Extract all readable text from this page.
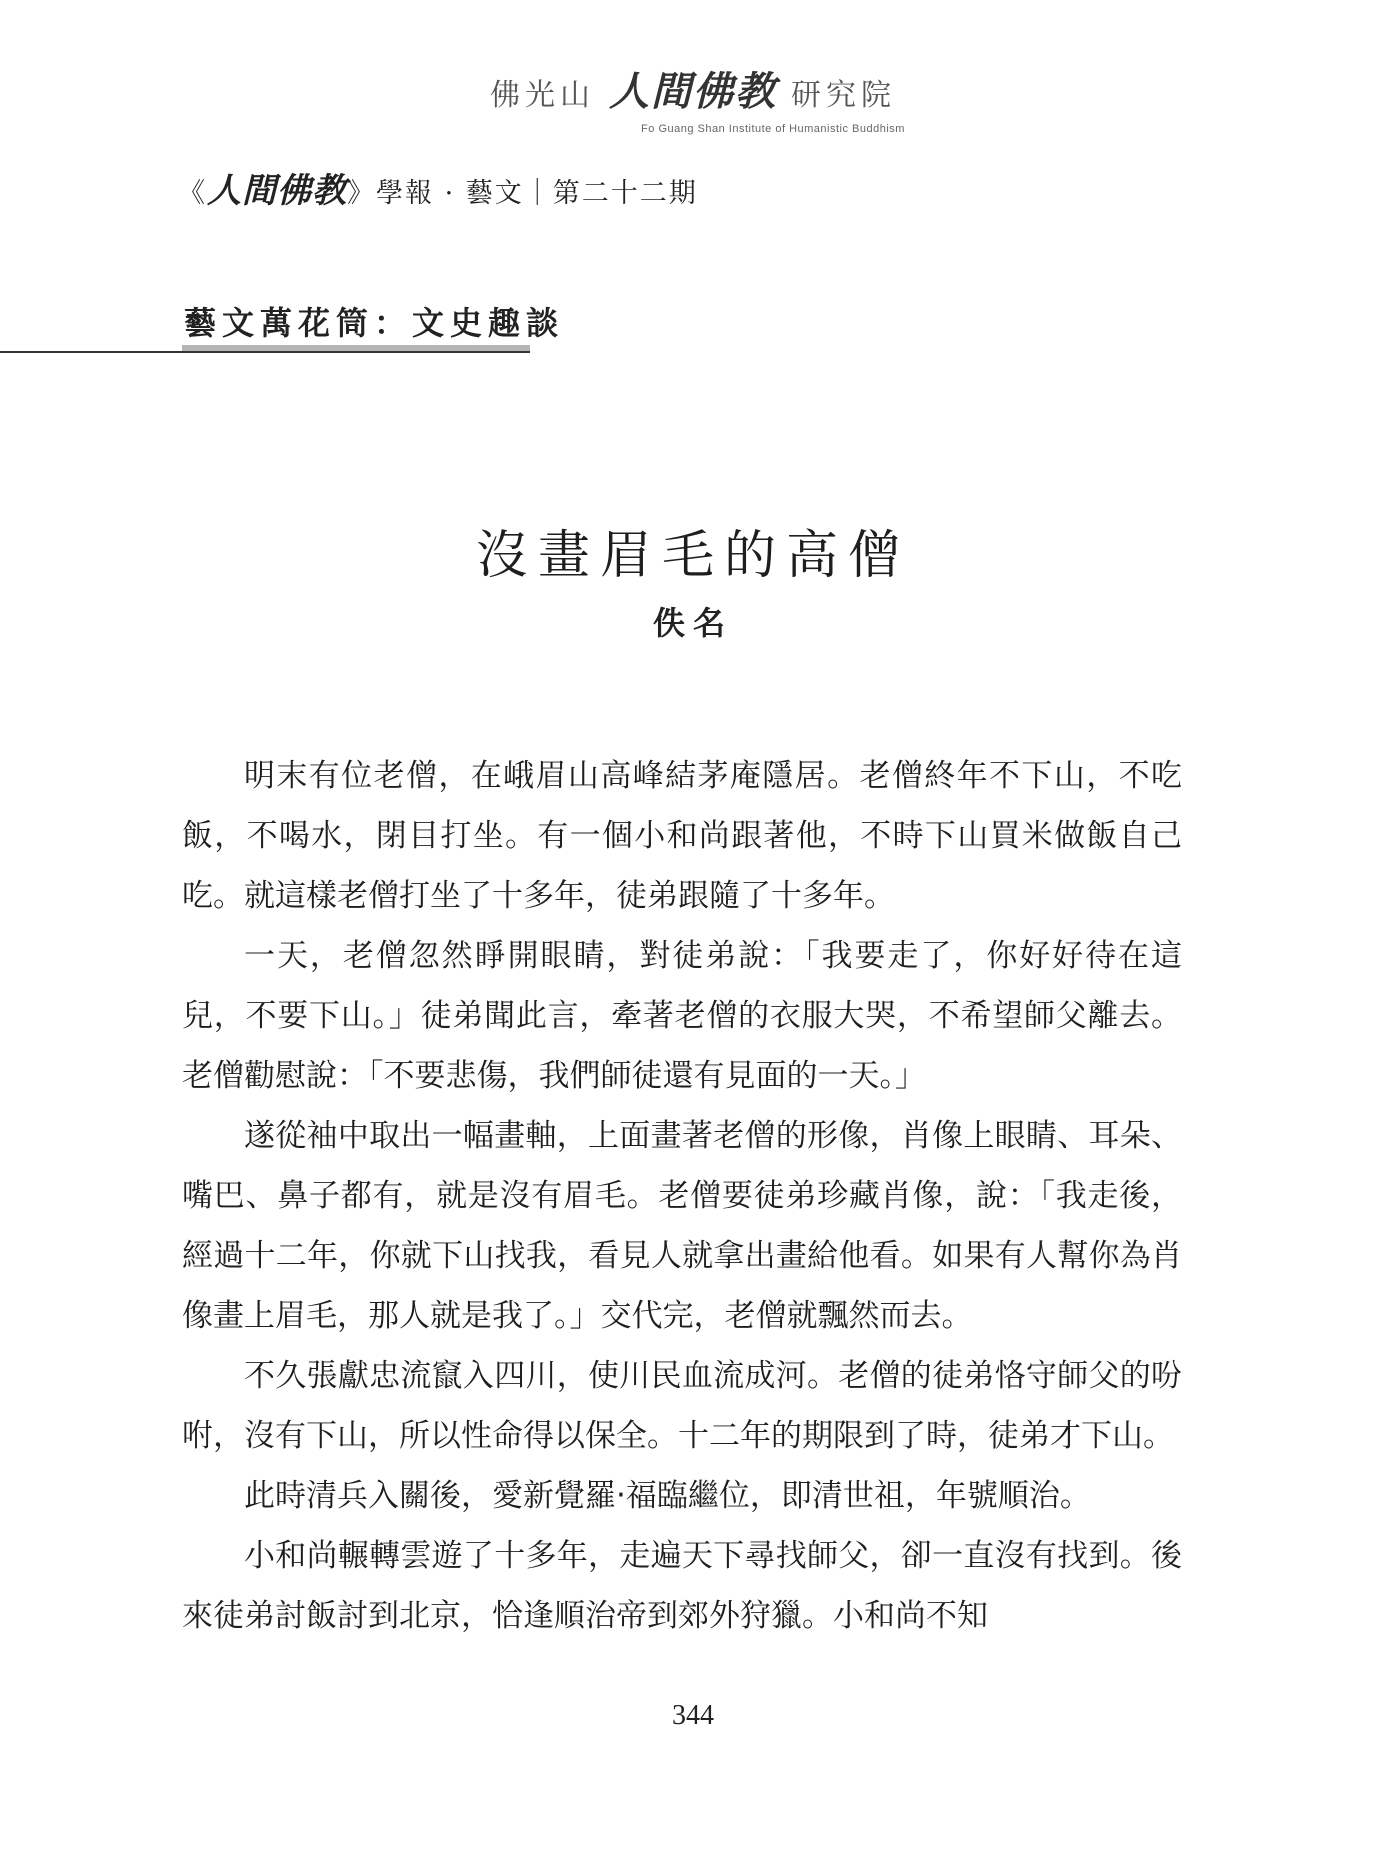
佛光山 人間佛教 研究院
Fo Guang Shan Institute of Humanistic Buddhism
《 人間佛教 》 學報 · 藝文｜第二十二期
藝文萬花筒：文史趣談
沒畫眉毛的高僧
佚名

明末有位老僧，在峨眉山高峰結茅庵隱居。老僧終年不下山，不吃飯，不喝水，閉目打坐。有一個小和尚跟著他，不時下山買米做飯自己吃。就這樣老僧打坐了十多年，徒弟跟隨了十多年。

一天，老僧忽然睜開眼睛，對徒弟說：「我要走了，你好好待在這兒，不要下山。」徒弟聞此言，牽著老僧的衣服大哭，不希望師父離去。老僧勸慰說：「不要悲傷，我們師徒還有見面的一天。」

遂從袖中取出一幅畫軸，上面畫著老僧的形像，肖像上眼睛、耳朵、嘴巴、鼻子都有，就是沒有眉毛。老僧要徒弟珍藏肖像，說：「我走後，經過十二年，你就下山找我，看見人就拿出畫給他看。如果有人幫你為肖像畫上眉毛，那人就是我了。」交代完，老僧就飄然而去。

不久張獻忠流竄入四川，使川民血流成河。老僧的徒弟恪守師父的吩咐，沒有下山，所以性命得以保全。十二年的期限到了時，徒弟才下山。

此時清兵入關後，愛新覺羅‧福臨繼位，即清世祖，年號順治。

小和尚輾轉雲遊了十多年，走遍天下尋找師父，卻一直沒有找到。後來徒弟討飯討到北京，恰逢順治帝到郊外狩獵。小和尚不知

344
